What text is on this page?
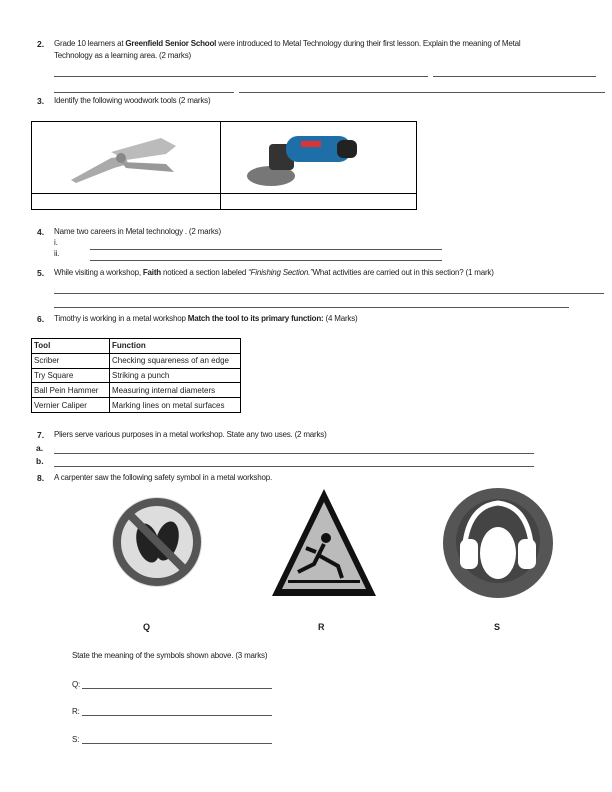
2. Grade 10 learners at Greenfield Senior School were introduced to Metal Technology during their first lesson. Explain the meaning of Metal
Technology as a learning area. (2 marks)
3. Identify the following woodwork tools (2 marks)

4. Name two careers in Metal technology . (2 marks)
i.
ii.
5. While visiting a workshop, Faith noticed a section labeled “Finishing Section.”What activities are carried out in this section? (1 mark)
6. Timothy is working in a metal workshop Match the tool to its primary function: (4 Marks)
Tool	Function
Scriber	Checking squareness of an edge
Try Square	Striking a punch
Ball Pein Hammer	Measuring internal diameters
Vernier Caliper	Marking lines on metal surfaces
7. Pliers serve various purposes in a metal workshop. State any two uses. (2 marks)
a.
b.
8. A carpenter saw the following safety symbol in a metal workshop.
Q	R	S
State the meaning of the symbols shown above. (3 marks)
Q:
R:
S:
